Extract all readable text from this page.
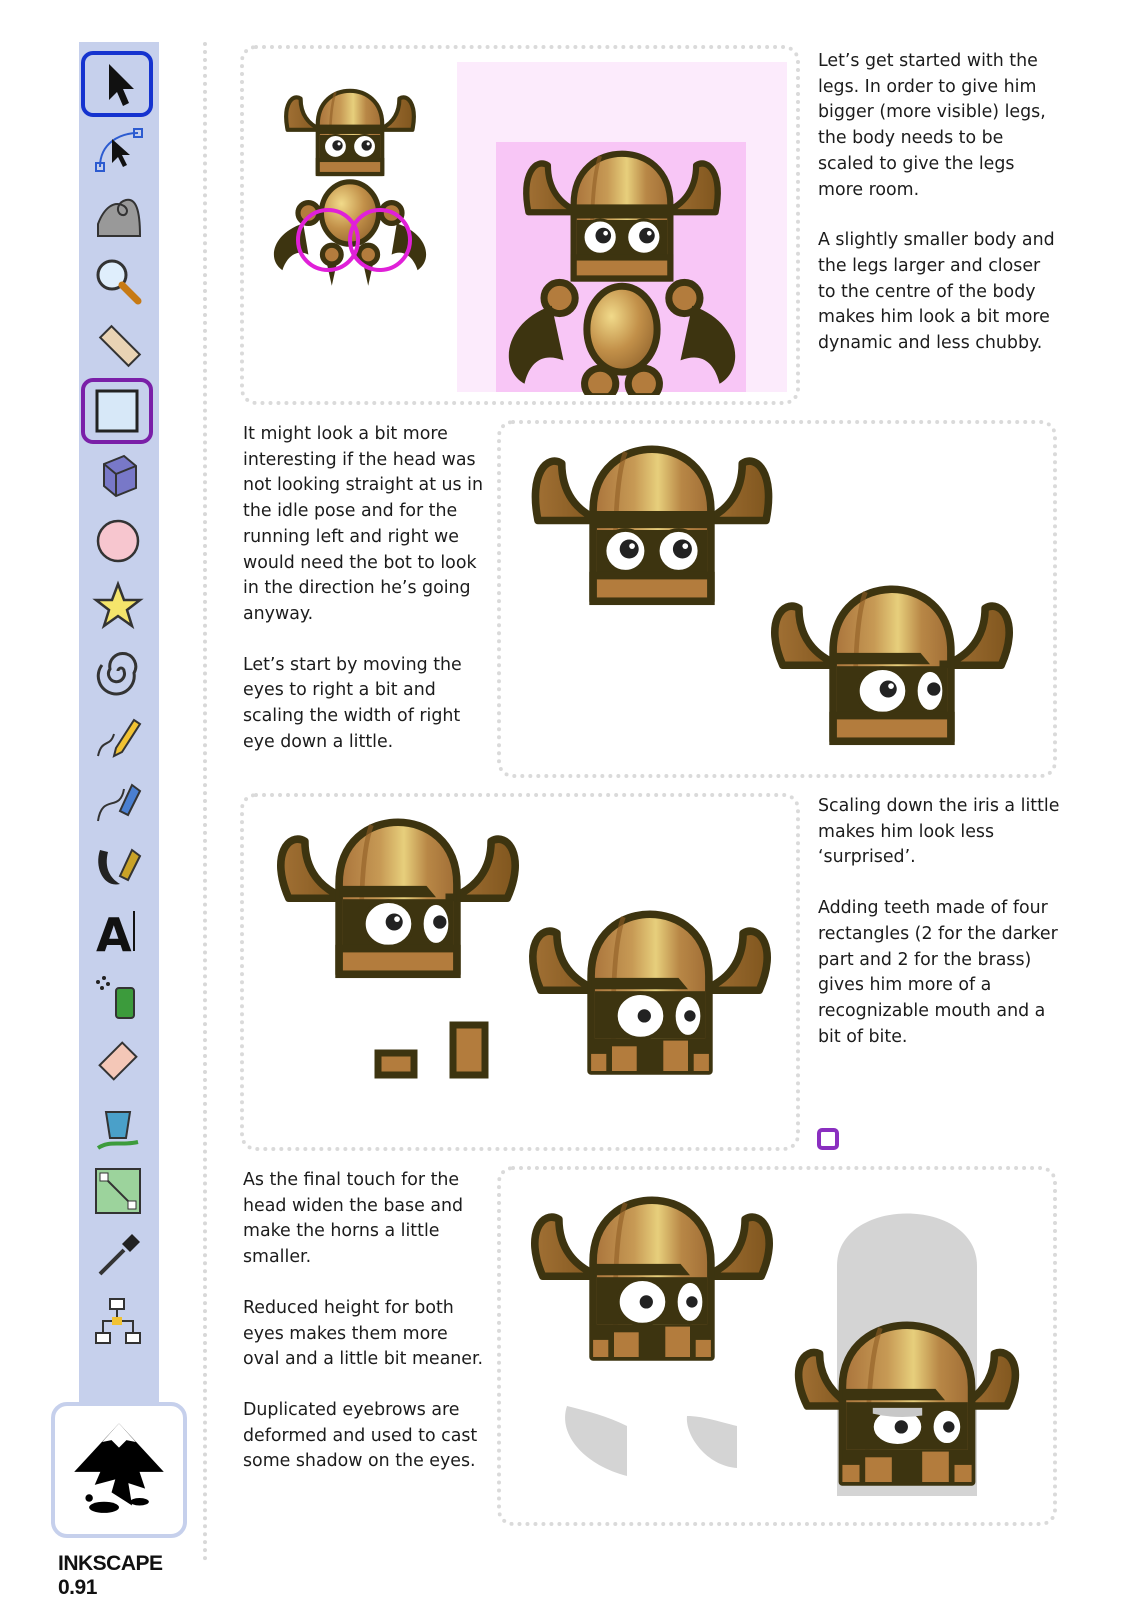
A
INKSCAPE 0.91

Let’s get started with the legs. In order to give him bigger (more visible) legs, the body needs to be scaled to give the legs more room.

A slightly smaller body and the legs larger and closer to the centre of the body makes him look a bit more dynamic and less chubby.

It might look a bit more interesting if the head was not looking straight at us in the idle pose and for the running left and right we would need the bot to look in the direction he’s going anyway.

Let’s start by moving the eyes to right a bit and scaling the width of right eye down a little.

Scaling down the iris a little makes him look less ‘surprised’.

Adding teeth made of four rectangles (2 for the darker part and 2 for the brass) gives him more of a recognizable mouth and a bit of bite.

As the final touch for the head widen the base and make the horns a little smaller.

Reduced height for both eyes makes them more oval and a little bit meaner.

Duplicated eyebrows are deformed and used to cast some shadow on the eyes.
